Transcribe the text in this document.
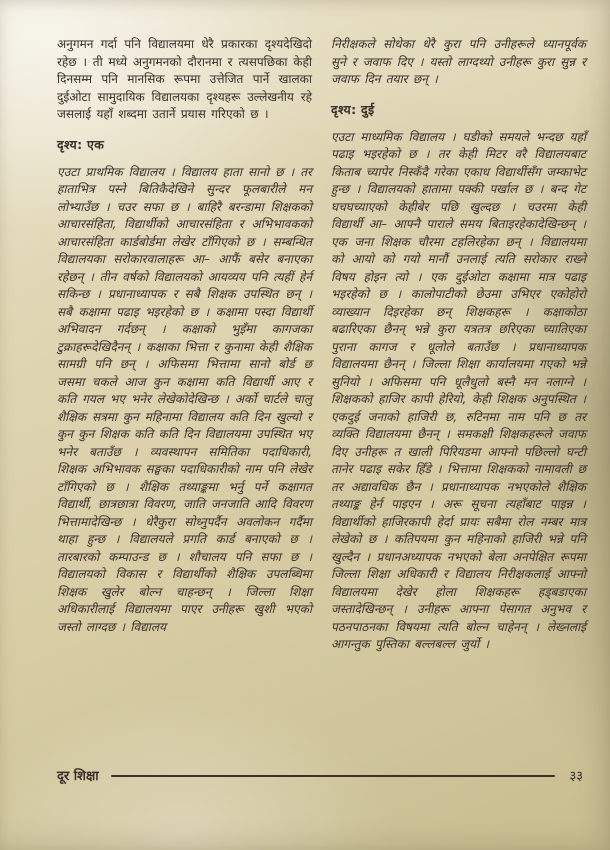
अनुगमन गर्दा पनि विद्यालयमा धेरै प्रकारका दृश्यदेखिदो रहेछ । ती मध्ये अनुगमनको दौरानमा र त्यसपछिका केही दिनसम्म पनि मानसिक रूपमा उत्तेजित पार्ने खालका दुईओटा सामुदायिक विद्यालयका दृश्यहरू उल्लेखनीय रहे जसलाई यहाँ शब्दमा उतार्ने प्रयास गरिएको छ ।

दृश्य: एक

एउटा प्राथमिक विद्यालय । विद्यालय हाता सानो छ । तर हाताभित्र पस्ने बितिकैदेखिने सुन्दर फूलबारीले मन लोभ्याउँछ । चउर सफा छ । बाहिरै बरन्डामा शिक्षकको आचारसंहिता, विद्यार्थीको आचारसंहिता र अभिभावकको आचारसंहिता कार्डबोर्डमा लेखेर टाँगिएको छ । सम्बन्धित विद्यालयका सरोकारवालाहरू आ– आफैं बसेर बनाएका रहेछन् । तीन वर्षको विद्यालयको आयव्यय पनि त्यहीं हेर्न सकिन्छ । प्रधानाध्यापक र सबै शिक्षक उपस्थित छन् । सबै कक्षामा पढाइ भइरहेको छ । कक्षामा पस्दा विद्यार्थी अभिवादन गर्दछन् । कक्षाको भुइँमा कागजका टुक्राहरूदेखिदैनन् । कक्षाका भित्ता र कुनामा केही शैक्षिक सामग्री पनि छन् । अफिसमा भित्तामा सानो बोर्ड छ जसमा चकले आज कुन कक्षामा कति विद्यार्थी आए र कति गयल भए भनेर लेखेकोदेखिन्छ । अर्को चार्टले चालु शैक्षिक सत्रमा कुन महिनामा विद्यालय कति दिन खुल्यो र कुन कुन शिक्षक कति कति दिन विद्यालयमा उपस्थित भए भनेर बताउँछ । व्यवस्थापन समितिका पदाधिकारी, शिक्षक अभिभावक सङ्घका पदाधिकारीको नाम पनि लेखेर टाँगिएको छ । शैक्षिक तथ्याङ्कमा भर्नु पर्ने कक्षागत विद्यार्थी, छात्रछात्रा विवरण, जाति जनजाति आदि विवरण भित्तामादेखिन्छ । धेरैकुरा सोध्नुपर्दैन अवलोकन गर्दैमा थाहा हुन्छ । विद्यालयले प्रगति कार्ड बनाएको छ । तारबारको कम्पाउन्ड छ । शौचालय पनि सफा छ । विद्यालयको विकास र विद्यार्थीको शैक्षिक उपलब्धिमा शिक्षक खुलेर बोल्न चाहन्छन् । जिल्ला शिक्षा अधिकारीलाई विद्यालयमा पाएर उनीहरू खुशी भएको जस्तो लाग्दछ । विद्यालय

निरीक्षकले सोधेका धेरै कुरा पनि उनीहरूले ध्यानपूर्वक सुने र जवाफ दिए । यस्तो लाग्दथ्यो उनीहरू कुरा सुन्न र जवाफ दिन तयार छन् ।

दृश्य: दुई

एउटा माध्यमिक विद्यालय । घडीको समयले भन्दछ यहाँ पढाइ भइरहेको छ । तर केही मिटर वरै विद्यालयबाट किताब च्यापेर निस्कँदै गरेका एकाध विद्यार्थीसँग जम्काभेट हुन्छ । विद्यालयको हातामा पक्की पर्खाल छ । बन्द गेट घचघच्याएको केहीबेर पछि खुल्दछ । चउरमा केही विद्यार्थी आ– आफ्नै पाराले समय बिताइरहेकादेखिन्छन् । एक जना शिक्षक चौरमा टहलिरहेका छन् । विद्यालयमा को आयो को गयो मानौं उनलाई त्यति सरोकार राख्ने विषय होइन त्यो । एक दुईओटा कक्षामा मात्र पढाइ भइरहेको छ । कालोपाटीको छेउमा उभिएर एकोहोरो व्याख्यान दिइरहेका छन् शिक्षकहरू । कक्षाकोठा बढारिएका छैनन् भन्ने कुरा यत्रतत्र छरिएका च्यातिएका पुराना कागज र धूलोले बताउँछ । प्रधानाध्यापक विद्यालयमा छैनन् । जिल्ला शिक्षा कार्यालयमा गएको भन्ने सुनियो । अफिसमा पनि धूलैधुलो बस्नै मन नलाग्ने । शिक्षकको हाजिर कापी हेरियो, केही शिक्षक अनुपस्थित । एकदुई जनाको हाजिरी छ, रुटिनमा नाम पनि छ तर व्यक्ति विद्यालयमा छैनन् । समकक्षी शिक्षकहरूले जवाफ दिए उनीहरू त खाली पिरियडमा आफ्नो पछिल्लो घन्टी तानेर पढाइ सकेर हिँडे । भित्तामा शिक्षकको नामावली छ तर अद्यावधिक छैन । प्रधानाध्यापक नभएकोले शैक्षिक तथ्याङ्क हेर्न पाइएन । अरू सूचना त्यहाँबाट पाइन्न । विद्यार्थीको हाजिरकापी हेर्दा प्रायः सबैमा रोल नम्बर मात्र लेखेको छ । कतिपयमा कुन महिनाको हाजिरी भन्ने पनि खुल्दैन । प्रधानअध्यापक नभएको बेला अनपेक्षित रूपमा जिल्ला शिक्षा अधिकारी र विद्यालय निरीक्षकलाई आफ्नो विद्यालयमा देखेर होला शिक्षकहरू हड्बडाएका जस्तादेखिन्छन् । उनीहरू आफ्ना पेसागत अनुभव र पठनपाठनका विषयमा त्यति बोल्न चाहेनन् । लेख्नलाई आगन्तुक पुस्तिका बल्लबल्ल जुर्यो ।

दूर शिक्षा	३३
